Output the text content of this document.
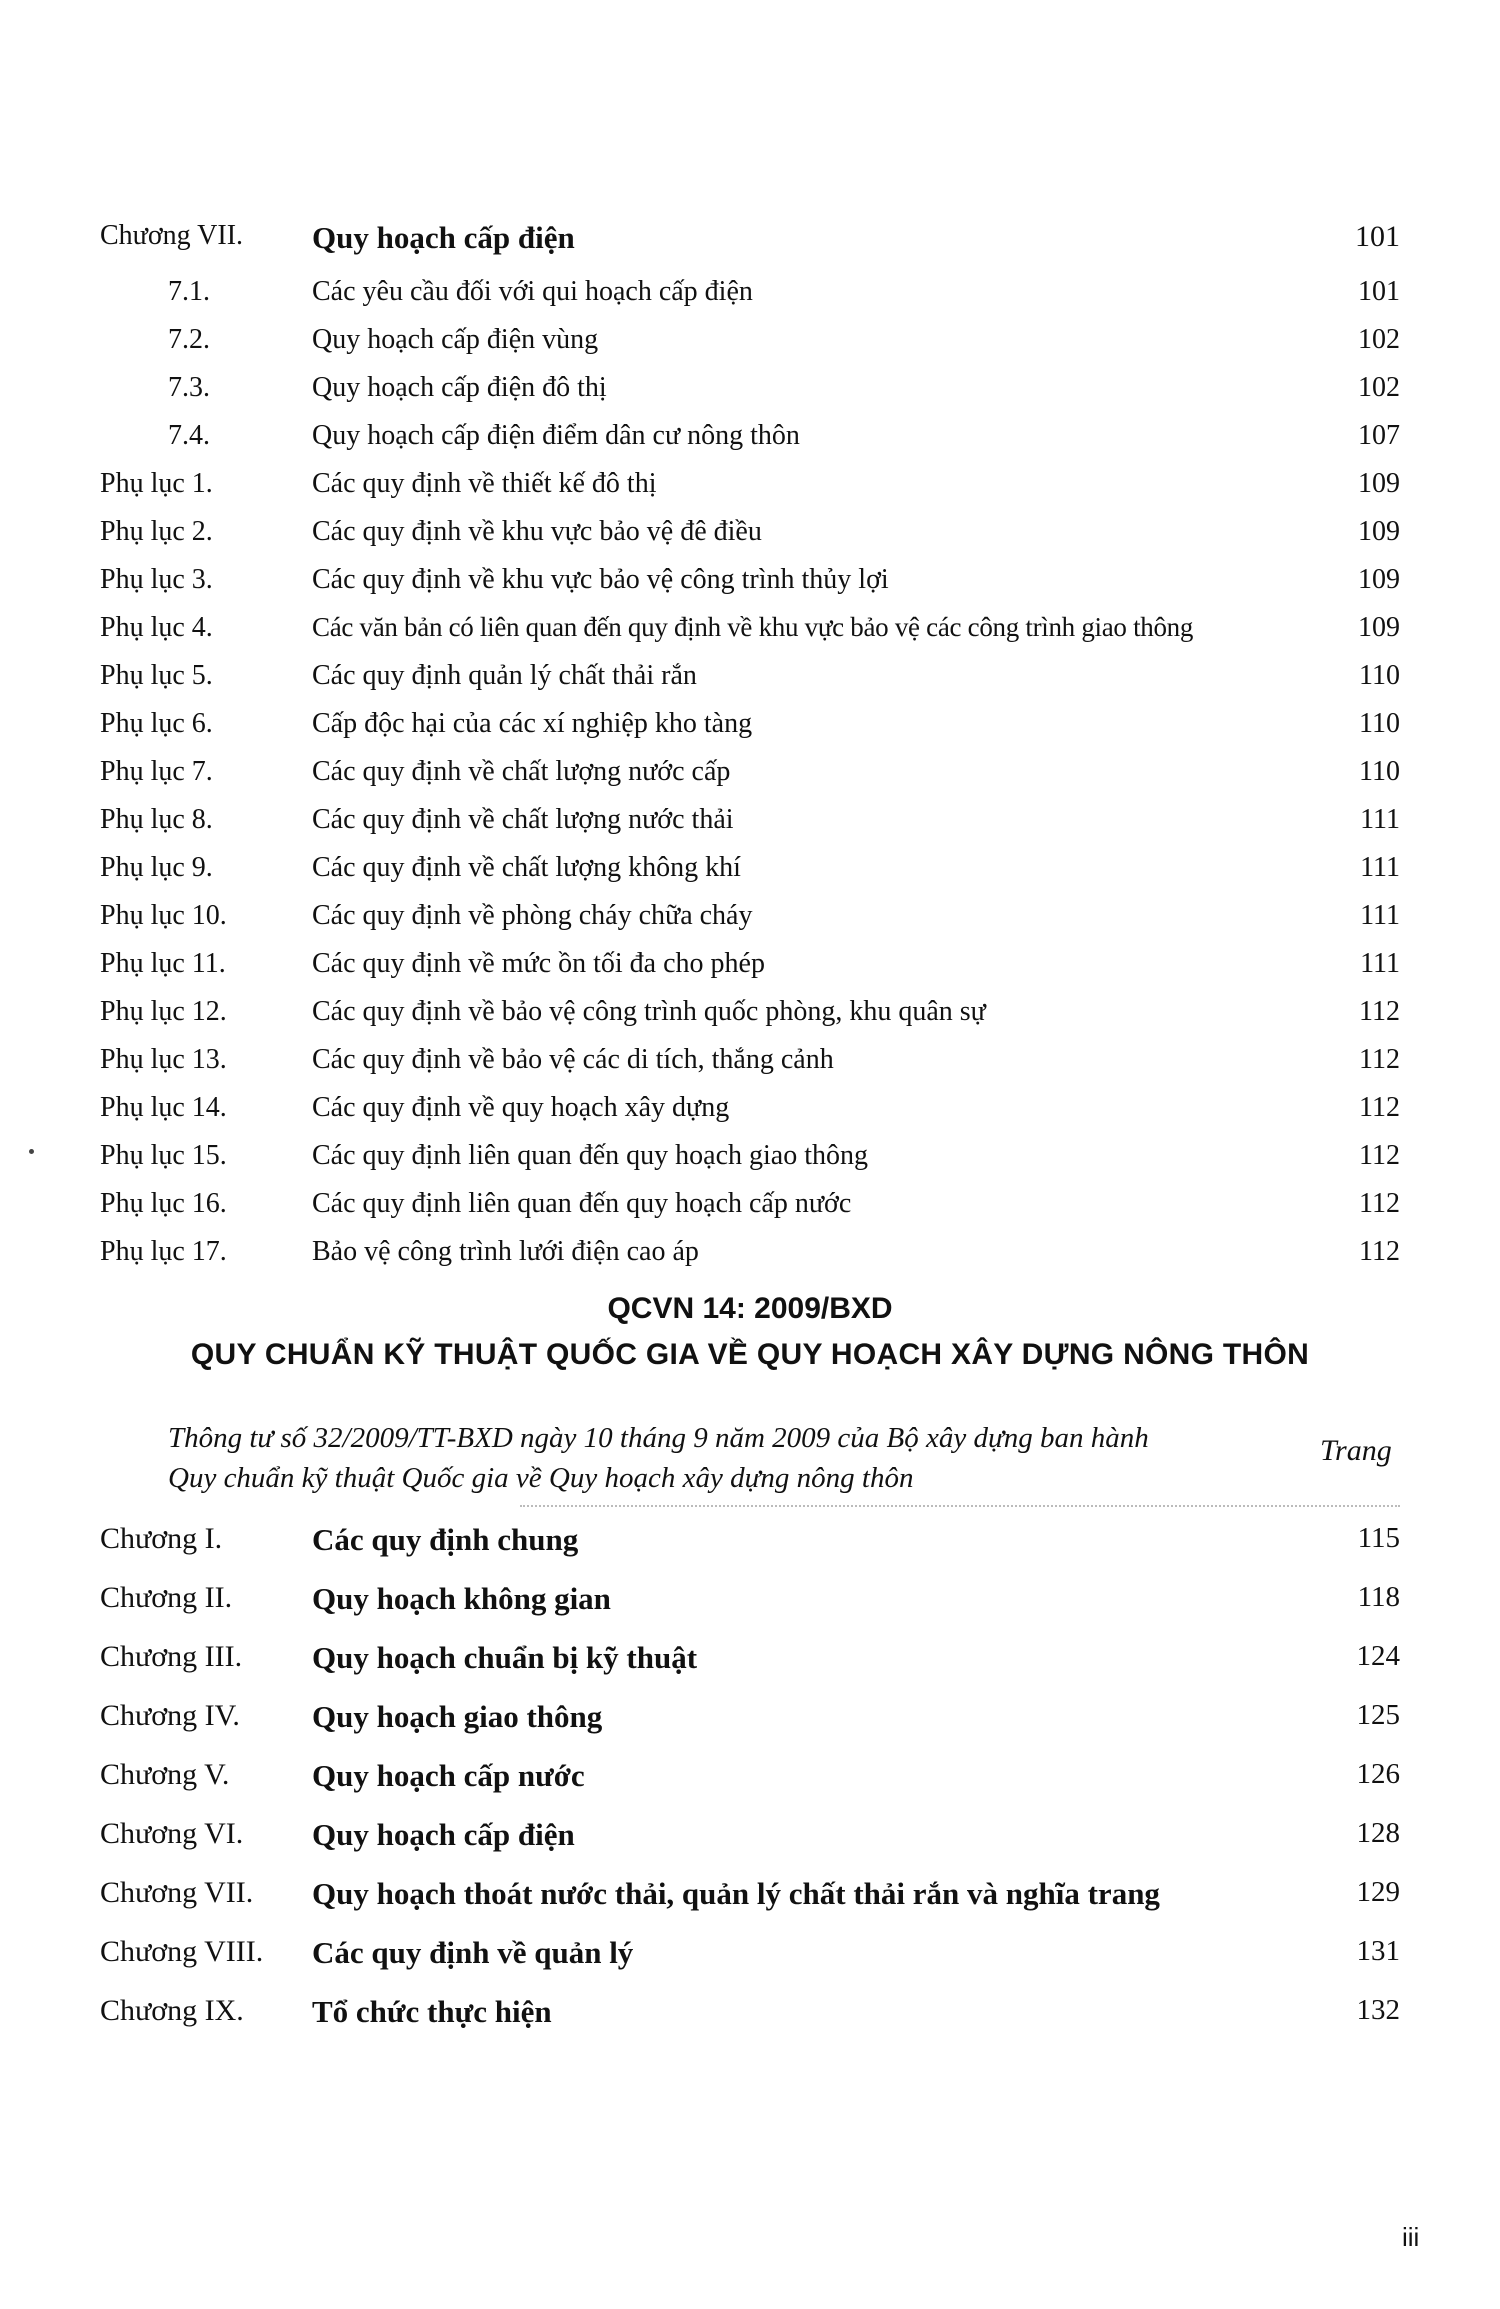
Chương VII. Quy hoạch cấp điện	101
7.1.	Các yêu cầu đối với qui hoạch cấp điện	101
7.2.	Quy hoạch cấp điện vùng	102
7.3.	Quy hoạch cấp điện đô thị	102
7.4.	Quy hoạch cấp điện điểm dân cư nông thôn	107
Phụ lục 1.	Các quy định về thiết kế đô thị	109
Phụ lục 2.	Các quy định về khu vực bảo vệ đê điều	109
Phụ lục 3.	Các quy định về khu vực bảo vệ công trình thủy lợi	109
Phụ lục 4.	Các văn bản có liên quan đến quy định về khu vực bảo vệ các công trình giao thông	109
Phụ lục 5.	Các quy định quản lý chất thải rắn	110
Phụ lục 6.	Cấp độc hại của các xí nghiệp kho tàng	110
Phụ lục 7.	Các quy định về chất lượng nước cấp	110
Phụ lục 8.	Các quy định về chất lượng nước thải	111
Phụ lục 9.	Các quy định về chất lượng không khí	111
Phụ lục 10.	Các quy định về phòng cháy chữa cháy	111
Phụ lục 11.	Các quy định về mức ồn tối đa cho phép	111
Phụ lục 12.	Các quy định về bảo vệ công trình quốc phòng, khu quân sự	112
Phụ lục 13.	Các quy định về bảo vệ các di tích, thắng cảnh	112
Phụ lục 14.	Các quy định về quy hoạch xây dựng	112
Phụ lục 15.	Các quy định liên quan đến quy hoạch giao thông	112
Phụ lục 16.	Các quy định liên quan đến quy hoạch cấp nước	112
Phụ lục 17.	Bảo vệ công trình lưới điện cao áp	112
QCVN 14: 2009/BXD
QUY CHUẨN KỸ THUẬT QUỐC GIA VỀ QUY HOẠCH XÂY DỰNG NÔNG THÔN
Thông tư số 32/2009/TT-BXD ngày 10 tháng 9 năm 2009 của Bộ xây dựng ban hành
Quy chuẩn kỹ thuật Quốc gia về Quy hoạch xây dựng nông thôn
Trang
Chương I.	Các quy định chung	115
Chương II.	Quy hoạch không gian	118
Chương III. Quy hoạch chuẩn bị kỹ thuật	124
Chương IV. Quy hoạch giao thông	125
Chương V.	Quy hoạch cấp nước	126
Chương VI. Quy hoạch cấp điện	128
Chương VII. Quy hoạch thoát nước thải, quản lý chất thải rắn và nghĩa trang	129
Chương VIII. Các quy định về quản lý	131
Chương IX. Tổ chức thực hiện	132
iii
